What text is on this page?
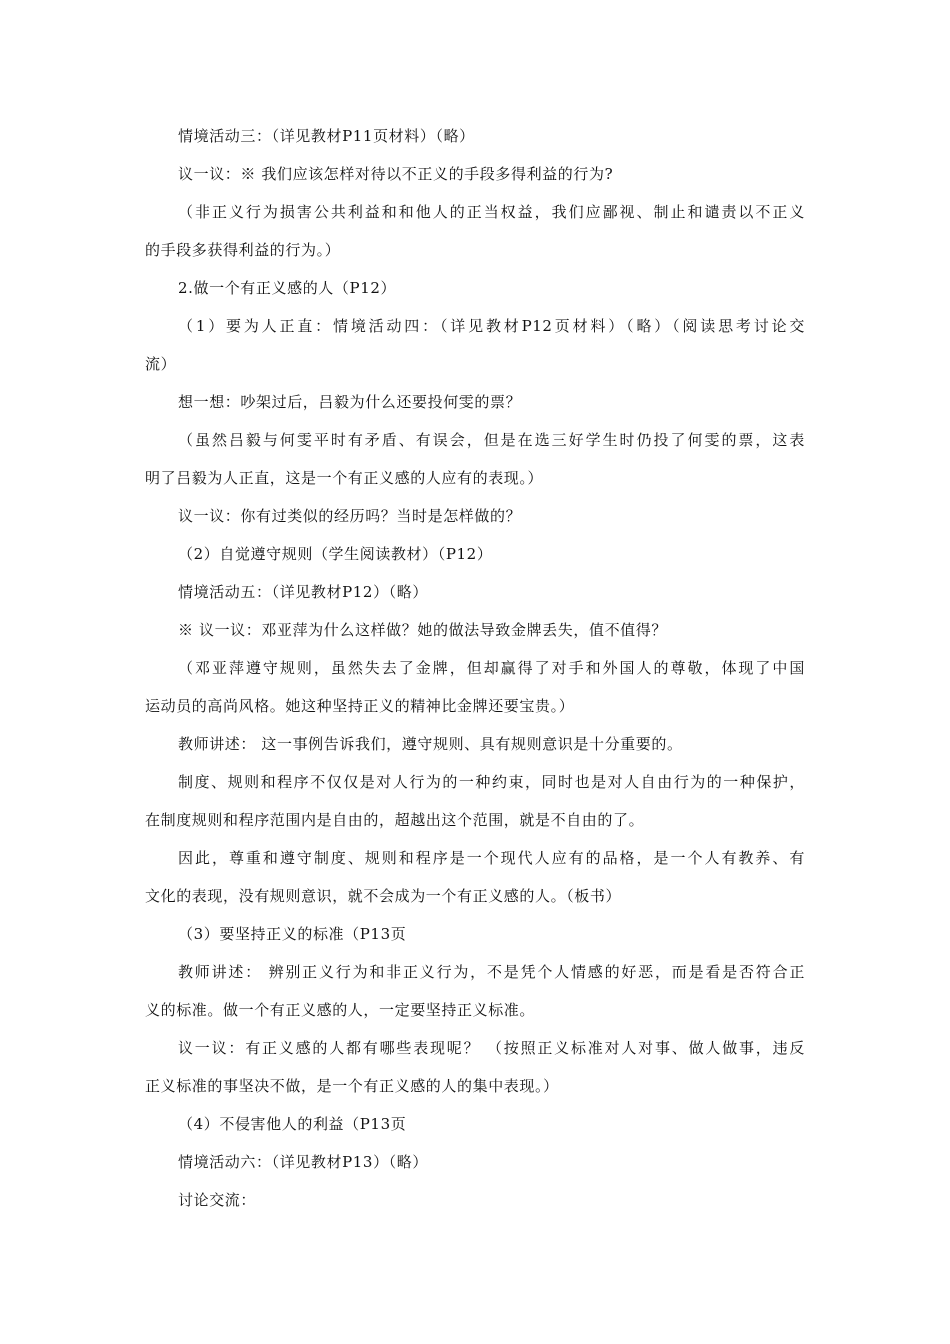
情境活动三：（详见教材P11页材料）（略）
议一议：※ 我们应该怎样对待以不正义的手段多得利益的行为?
（非正义行为损害公共利益和和他人的正当权益，我们应鄙视、制止和谴责以不正义
的手段多获得利益的行为。）
2.做一个有正义感的人（P12）
（1）要为人正直：情境活动四：（详见教材P12页材料）（略）（阅读思考讨论交
流）
想一想：吵架过后，吕毅为什么还要投何雯的票？
（虽然吕毅与何雯平时有矛盾、有误会，但是在选三好学生时仍投了何雯的票，这表
明了吕毅为人正直，这是一个有正义感的人应有的表现。）
议一议：你有过类似的经历吗？当时是怎样做的？
（2）自觉遵守规则（学生阅读教材）（P12）
情境活动五：（详见教材P12）（略）
※ 议一议：邓亚萍为什么这样做？她的做法导致金牌丢失，值不值得？
（邓亚萍遵守规则，虽然失去了金牌，但却赢得了对手和外国人的尊敬，体现了中国
运动员的高尚风格。她这种坚持正义的精神比金牌还要宝贵。）
教师讲述： 这一事例告诉我们，遵守规则、具有规则意识是十分重要的。
制度、规则和程序不仅仅是对人行为的一种约束，同时也是对人自由行为的一种保护，
在制度规则和程序范围内是自由的，超越出这个范围，就是不自由的了。
因此，尊重和遵守制度、规则和程序是一个现代人应有的品格，是一个人有教养、有
文化的表现，没有规则意识，就不会成为一个有正义感的人。（板书）
（3）要坚持正义的标准（P13页
教师讲述： 辨别正义行为和非正义行为，不是凭个人情感的好恶，而是看是否符合正
义的标准。做一个有正义感的人，一定要坚持正义标准。
议一议：有正义感的人都有哪些表现呢？ （按照正义标准对人对事、做人做事，违反
正义标准的事坚决不做，是一个有正义感的人的集中表现。）
（4）不侵害他人的利益（P13页
情境活动六：（详见教材P13）（略）
讨论交流：
